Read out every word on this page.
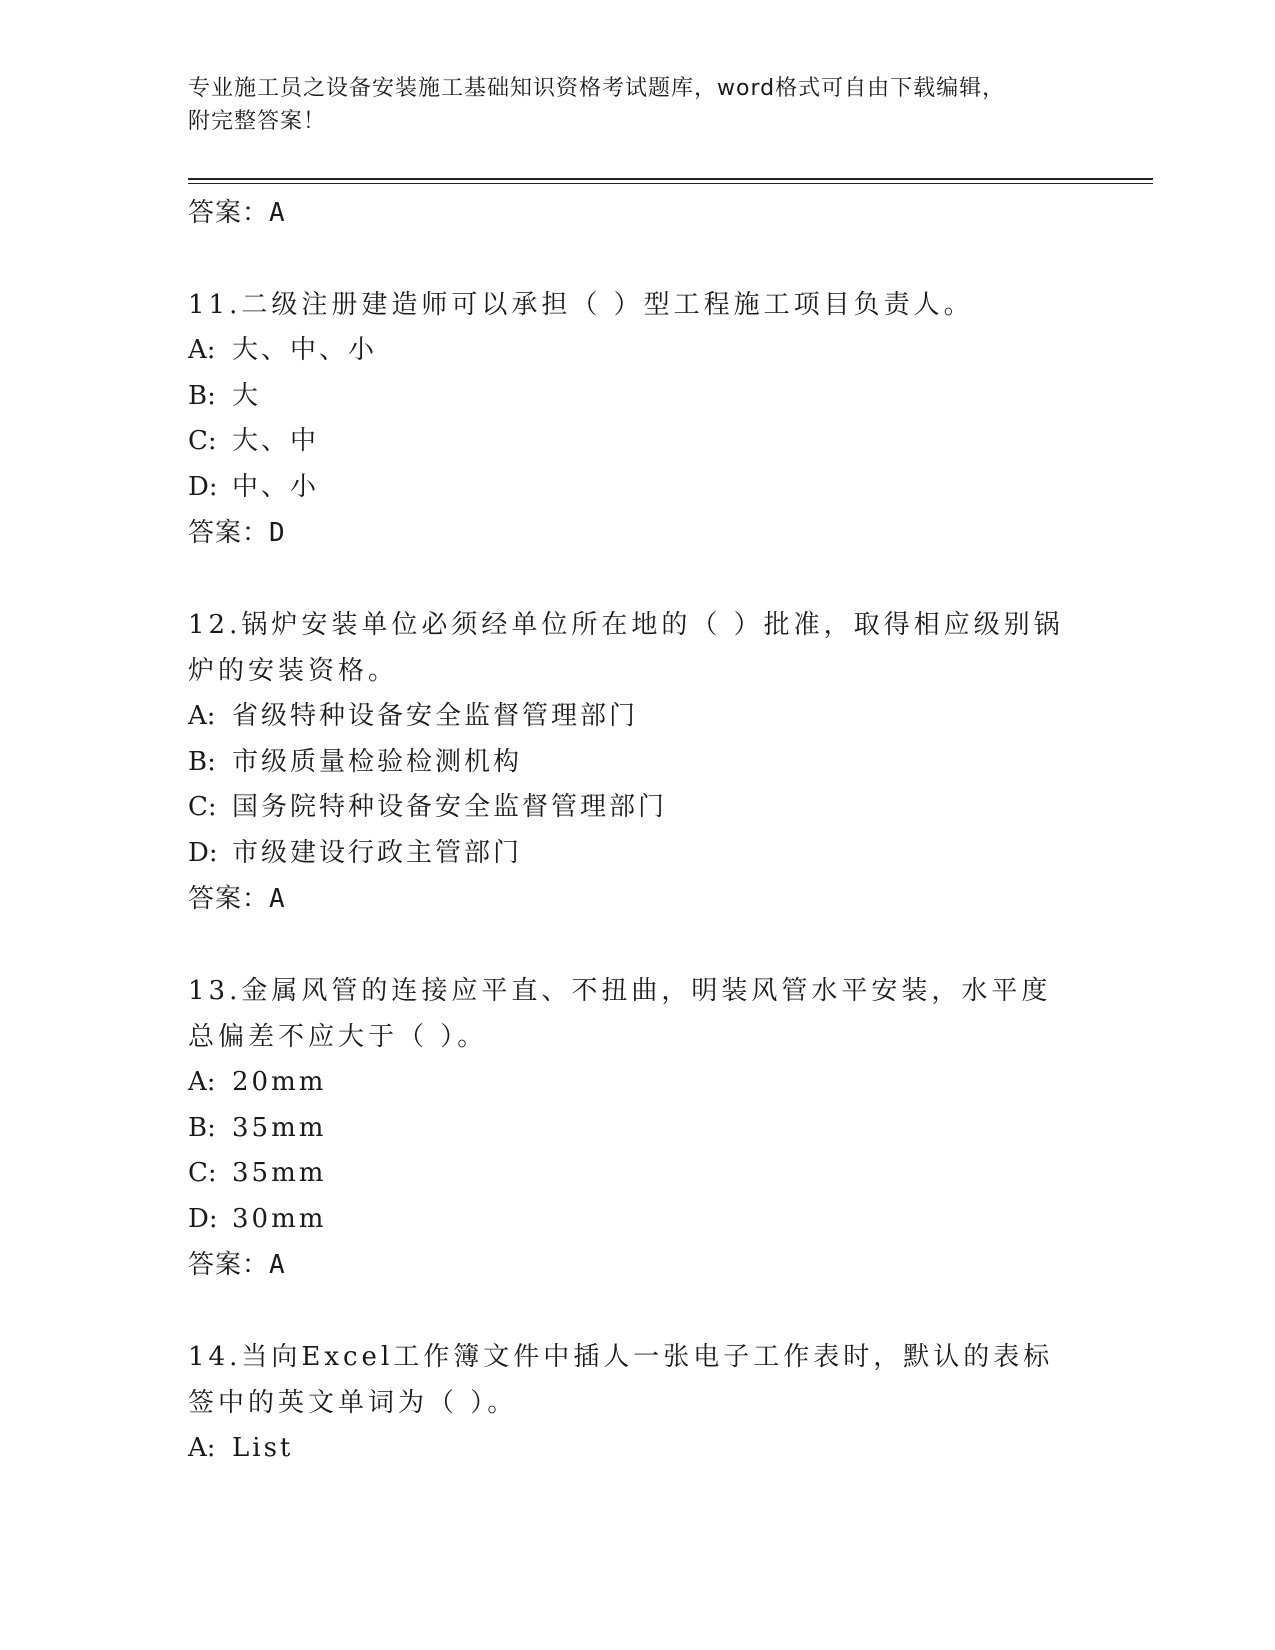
专业施工员之设备安装施工基础知识资格考试题库，word格式可自由下载编辑，
附完整答案！
答案：A
11.二级注册建造师可以承担（ ）型工程施工项目负责人。
A: 大、中、小
B: 大
C: 大、中
D: 中、小
答案：D
12.锅炉安装单位必须经单位所在地的（ ）批准，取得相应级别锅炉的安装资格。
A: 省级特种设备安全监督管理部门
B: 市级质量检验检测机构
C: 国务院特种设备安全监督管理部门
D: 市级建设行政主管部门
答案：A
13.金属风管的连接应平直、不扭曲，明装风管水平安装，水平度总偏差不应大于（ ）。
A: 20mm
B: 35mm
C: 35mm
D: 30mm
答案：A
14.当向Excel工作簿文件中插人一张电子工作表时，默认的表标签中的英文单词为（ ）。
A: List
